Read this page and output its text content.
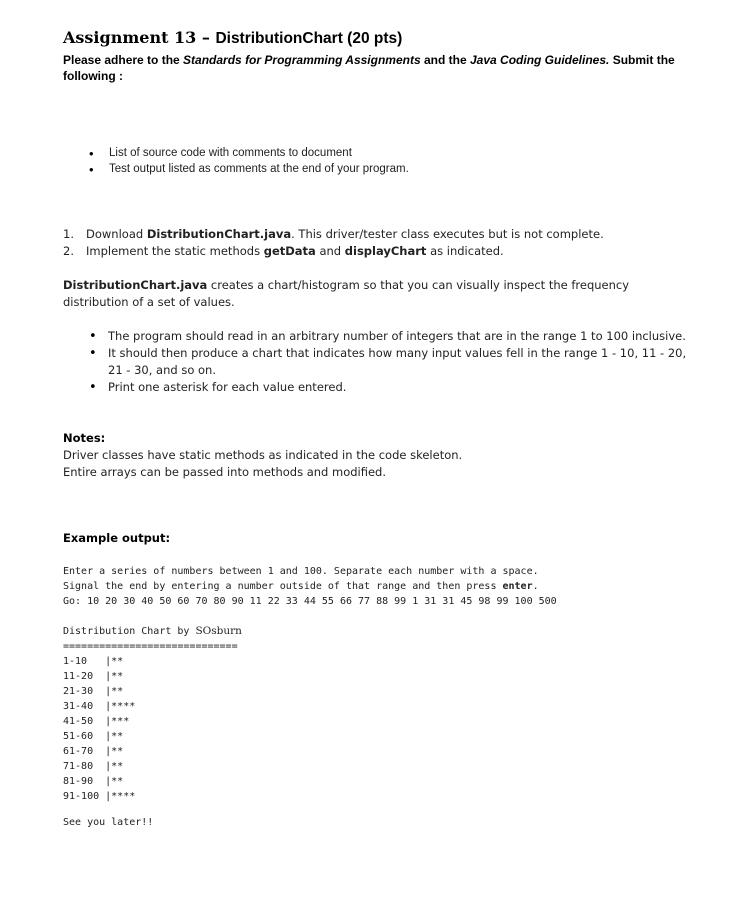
Assignment 13 – DistributionChart (20 pts)
Please adhere to the Standards for Programming Assignments and the Java Coding Guidelines. Submit the following :
• List of source code with comments to document
• Test output listed as comments at the end of your program.
1. Download DistributionChart.java. This driver/tester class executes but is not complete.
2. Implement the static methods getData and displayChart as indicated.
DistributionChart.java creates a chart/histogram so that you can visually inspect the frequency distribution of a set of values.
• The program should read in an arbitrary number of integers that are in the range 1 to 100 inclusive.
• It should then produce a chart that indicates how many input values fell in the range 1 - 10, 11 - 20, 21 - 30, and so on.
• Print one asterisk for each value entered.
Notes:
Driver classes have static methods as indicated in the code skeleton.
Entire arrays can be passed into methods and modified.
Example output:
Enter a series of numbers between 1 and 100. Separate each number with a space.
Signal the end by entering a number outside of that range and then press enter.
Go: 10 20 30 40 50 60 70 80 90 11 22 33 44 55 66 77 88 99 1 31 31 45 98 99 100 500
Distribution Chart by SOsburn
=============================
1-10  |**
11-20 |**
21-30 |**
31-40 |****
41-50 |***
51-60 |**
61-70 |**
71-80 |**
81-90 |**
91-100 |****
See you later!!
